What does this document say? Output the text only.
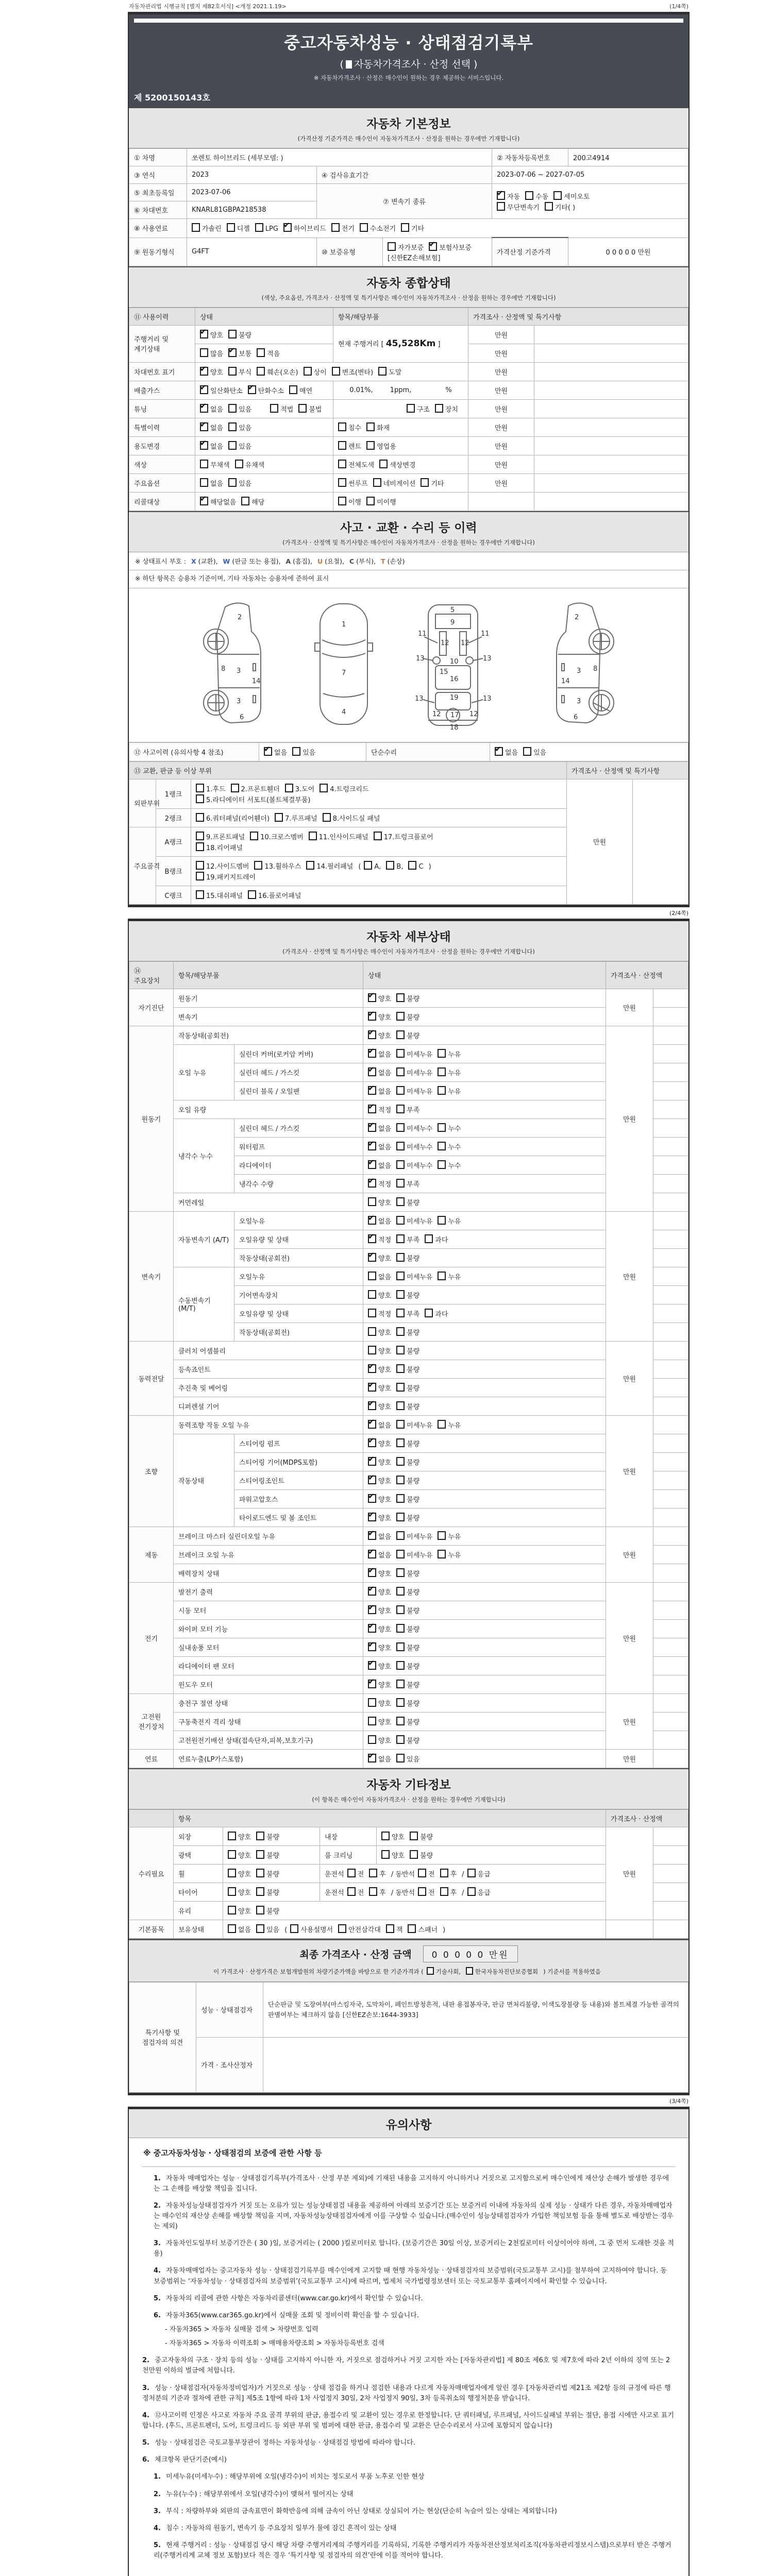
자동차관리법 시행규칙 [별지 제82호서식] <개정 2021.1.19>	(1/4쪽)
중고자동차성능 · 상태점검기록부
( 자동차가격조사 · 산정 선택 )
※ 자동차가격조사 · 산정은 매수인이 원하는 경우 제공하는 서비스입니다.
제 5200150143호
자동차 기본정보
(가격산정 기준가격은 매수인이 자동차가격조사 · 산정을 원하는 경우에만 기재합니다)
① 차명	쏘렌토 하이브리드 (세부모델: )			② 자동차등록번호	200고4914
③ 연식	2023	④ 검사유효기간		2023-07-06 ~ 2027-07-05	
⑤ 최초등록일	2023-07-06	⑦ 변속기 종류	✔자동 수동 세미오토
무단변속기 기타( )
⑥ 차대번호	KNARL81GBPA218538				
⑧ 사용연료	가솔린 디젤 LPG ✔ 하이브리드 전기 수소전기 기타
⑨ 원동기형식	G4FT	⑩ 보증유형	자가보증 ✔ 보험사보증[신한EZ손해보험]	가격산정 기준가격	0 0 0 0 0 만원
자동차 종합상태
(색상, 주요옵션, 가격조사 · 산정액 및 특기사항은 매수인이 자동차가격조사 · 산정을 원하는 경우에만 기재합니다)
⑪ 사용이력	상태	항목/해당부품	가격조사 · 산정액 및 특기사항	
주행거리 및 계기상태	✔양호 불량	현재 주행거리 [ 45,528Km ]	만원	
	많음 ✔ 보통 적음		만원	
차대번호 표기	✔양호 부식 훼손(오손) 상이 변조(변타) 도말		만원	
배출가스	✔일산화탄소 ✔ 탄화수소 매연	0.01%,        1ppm,                %	만원	
튜닝	✔없음 있음 적법 불법	구조 장치	만원	
특별이력	✔없음 있음	침수 화재	만원	
용도변경	✔없음 있음	렌트 영업용	만원	
색상	무채색 유채색	전체도색 색상변경	만원	
주요옵션	없음 있음	썬루프 네비게이션 기타	만원	
리콜대상	✔해당없음 해당	이행 미이행		
사고 · 교환 · 수리 등 이력
(가격조사 · 산정액 및 특기사항은 매수인이 자동차가격조사 · 산정을 원하는 경우에만 기재합니다)
※ 상태표시 부호 : X (교환), W (판금 또는 용접), A (흠집), U (요철), C (부식), T (손상)
※ 하단 항목은 승용차 기준이며, 기타 자동차는 승용차에 준하여 표시
2
8 3
14
3
6
1
7
4
5
9
11	11
12 12
13	13
10
15
16
19
13	13
12	12
17
18
2
8
3
14
3
6
⑫ 사고이력 (유의사항 4 참조)	✔없음 있음	단순수리	✔없음 있음
⑬ 교환, 판금 등 이상 부위			가격조사 · 산정액 및 특기사항	
외판부위	1랭크	1.후드 2.프론트휀더 3.도어 4.트렁크리드
5.라디에이터 서포트(볼트체결부품)	만원	
	2랭크	6.쿼터패널(리어휀더) 7.루프패널 8.사이드실 패널		
주요골격	A랭크	9.프론트패널 10.크로스멤버 11.인사이드패널 17.트렁크플로어
18.리어패널		
	B랭크	12.사이드멤버 13.휠하우스 14.필러패널 ( A, B, C )
19.패키지트레이		
	C랭크	15.대쉬패널 16.플로어패널		
(2/4쪽)
자동차 세부상태
(가격조사 · 산정액 및 특기사항은 매수인이 자동차가격조사 · 산정을 원하는 경우에만 기재합니다)
⑭ 주요장치	항목/해당부품		상태	가격조사 · 산정액	
자기진단	원동기	✔양호 불량	만원	
	변속기	✔양호 불량	
원동기	작동상태(공회전)	✔양호 불량	만원	
	오일 누유	실린더 커버(로커암 커버)	✔없음 미세누유 누유	
		실린더 헤드 / 가스킷	✔없음 미세누유 누유	
		실린더 블록 / 오일팬	✔없음 미세누유 누유	
	오일 유량	✔적정 부족	
	냉각수 누수	실린더 헤드 / 가스킷	✔없음 미세누수 누수	
		워터펌프	✔없음 미세누수 누수	
		라디에이터	✔없음 미세누수 누수	
		냉각수 수량	✔적정 부족	
	커먼레일		양호 불량		
변속기	자동변속기 (A/T)	오일누유	✔없음 미세누유 누유	만원	
		오일유량 및 상태	✔적정 부족 과다	
		작동상태(공회전)	✔양호 불량	
	수동변속기 (M/T)	오일누유	없음 미세누유 누유		
		기어변속장치	양호 불량		
		오일유량 및 상태	적정 부족 과다		
		작동상태(공회전)	양호 불량		
동력전달	클러치 어셈블리		양호 불량	만원	
	등속죠인트	✔양호 불량	
	추진축 및 베어링	✔양호 불량	
	디퍼렌셜 기어	✔양호 불량	
조향	동력조향 작동 오일 누유	✔없음 미세누유 누유	만원	
	작동상태	스티어링 펌프	✔양호 불량	
		스티어링 기어(MDPS포함)	✔양호 불량	
		스티어링조인트	✔양호 불량	
		파워고압호스	✔양호 불량	
		타이로드엔드 및 볼 조인트	✔양호 불량	
제동	브레이크 마스터 실린더오일 누유	✔없음 미세누유 누유	만원	
	브레이크 오일 누유	✔없음 미세누유 누유	
	배력장치 상태	✔양호 불량	
전기	발전기 출력	✔양호 불량	만원	
	시동 모터	✔양호 불량	
	와이퍼 모터 기능	✔양호 불량	
	실내송풍 모터	✔양호 불량	
	라디에이터 팬 모터	✔양호 불량	
	윈도우 모터	✔양호 불량	
고전원 전기장치	충전구 절연 상태		양호 불량	만원	
	구동축전지 격리 상태		양호 불량		
	고전원전기배선 상태(접속단자,피복,보호기구)		양호 불량		
연료	연료누출(LP가스포함)	✔없음 있음	만원	
자동차 기타정보
(이 항목은 매수인이 자동차가격조사 · 산정을 원하는 경우에만 기재합니다)
	항목				가격조사 · 산정액	
수리필요	외장	양호 불량	내장	양호 불량	만원	
	광택	양호 불량	룸 크리닝	양호 불량		
	휠	양호 불량	운전석 전 후 / 동반석 전 후 / 응급			
	타이어	양호 불량	운전석 전 후 / 동반석 전 후 / 응급			
	유리	양호 불량				
기본품목	보유상태	없음 있음 ( 사용설명서 안전삼각대 잭 스패너 )				
최종 가격조사 · 산정 금액 0 0 0 0 0 만원
이 가격조사 · 산정가격은 보험개발원의 차량기준가액을 바탕으로 한 기준가격과 ( 기술사회, 한국자동차진단보증협회 ) 기준서를 적용하였음
특기사항 및 점검자의 의견	성능 · 상태점검자	단순판금 및 도장여부(마스킹자국, 도막차이, 페인트방청흔적, 내판 용접봉자국, 판금 면처리불량, 이색도장불량 등 내용)와 볼트체결 가능한 골격의 판별여부는 체크하지 않음 [신한EZ손보:1644-3933]
	가격 · 조사산정자	
(3/4쪽)
유의사항
※ 중고자동차성능 · 상태점검의 보증에 관한 사항 등

1. 자동차 매매업자는 성능 · 상태점검기록부(가격조사 · 산정 부분 제외)에 기재된 내용을 고지하지 아니하거나 거짓으로 고지함으로써 매수인에게 재산상 손해가 발생한 경우에는 그 손해를 배상할 책임을 집니다.

2. 자동차성능상태점검자가 거짓 또는 오류가 있는 성능상태점검 내용을 제공하여 아래의 보증기간 또는 보증거리 이내에 자동차의 실제 성능 · 상태가 다른 경우, 자동차매매업자는 매수인의 재산상 손해를 배상할 책임을 지며, 자동차성능상태점검자에게 이를 구상할 수 있습니다.(매수인이 성능상태점검자가 가입한 책임보험 등을 통해 별도로 배상받는 경우는 제외)

3. 자동차인도일부터 보증기간은 ( 30 )일, 보증거리는 ( 2000 )킬로미터로 합니다. (보증기간은 30일 이상, 보증거리는 2천킬로미터 이상이어야 하며, 그 중 먼저 도래한 것을 적용)

4. 자동차매매업자는 중고자동차 성능 · 상태점검기록부를 매수인에게 고지할 때 현행 자동차성능 · 상태점검자의 보증범위(국토교통부 고시)를 첨부하여 고지하여야 합니다. 동 보증범위는 ‘자동차성능 · 상태점검자의 보증범위’(국토교통부 고시)에 따르며, 법제처 국가법령정보센터 또는 국토교통부 홈페이지에서 확인할 수 있습니다.

5. 자동차의 리콜에 관한 사항은 자동차리콜센터(www.car.go.kr)에서 확인할 수 있습니다.

6. 자동차365(www.car365.go.kr)에서 실매물 조회 및 정비이력 확인을 할 수 있습니다.

- 자동차365 > 자동차 실매물 검색 > 차량번호 입력

- 자동차365 > 자동차 이력조회 > 매매용차량조회 > 자동차등록번호 검색

2. 중고자동차의 구조 · 장치 등의 성능 · 상태를 고지하지 아니한 자, 거짓으로 점검하거나 거짓 고지한 자는 [자동차관리법] 제 80조 제6호 및 제7호에 따라 2년 이하의 징역 또는 2천만원 이하의 벌금에 처합니다.

3. 성능 · 상태점검자(자동차정비업자)가 거짓으로 성능 · 상태 점검을 하거나 점검한 내용과 다르게 자동차매매업자에게 알린 경우 [자동차관리법 제21조 제2항 등의 규정에 따른 행정처분의 기준과 절차에 관한 규칙] 제5조 1항에 따라 1차 사업정지 30일, 2차 사업정지 90일, 3차 등록취소의 행정처분을 받습니다.

4. ⑫사고이력 인정은 사고로 자동차 주요 골격 부위의 판금, 용접수리 및 교환이 있는 경우로 한정합니다. 단 쿼터패널, 루프패널, 사이드실패널 부위는 절단, 용접 시에만 사고로 표기합니다. (후드, 프론트펜더, 도어, 트렁크리드 등 외판 부위 및 범퍼에 대한 판금, 용접수리 및 교환은 단순수리로서 사고에 포함되지 않습니다)

5. 성능 · 상태점검은 국토교통부장관이 정하는 자동차성능 · 상태점검 방법에 따라야 합니다.

6. 체크항목 판단기준(예시)

1. 미세누유(미세누수) : 해당부위에 오일(냉각수)이 비치는 정도로서 부품 노후로 인한 현상

2. 누유(누수) : 해당부위에서 오일(냉각수)이 맺혀서 떨어지는 상태

3. 부식 : 차량하부와 외판의 금속표면이 화학반응에 의해 금속이 아닌 상태로 상실되어 가는 현상(단순히 녹슬어 있는 상태는 제외합니다)

4. 침수 : 자동차의 원동기, 변속기 등 주요장치 일부가 물에 잠긴 흔적이 있는 상태

5. 현재 주행거리 : 성능 · 상태점검 당시 해당 차량 주행거리계의 주행거리를 기록하되, 기록한 주행거리가 자동차전산정보처리조직(자동차관리정보시스템)으로부터 받은 주행거리(주행거리계 교체 정보 포함)보다 적은 경우 ‘특기사항 및 점검자의 의견’란에 이를 적어야 합니다.
